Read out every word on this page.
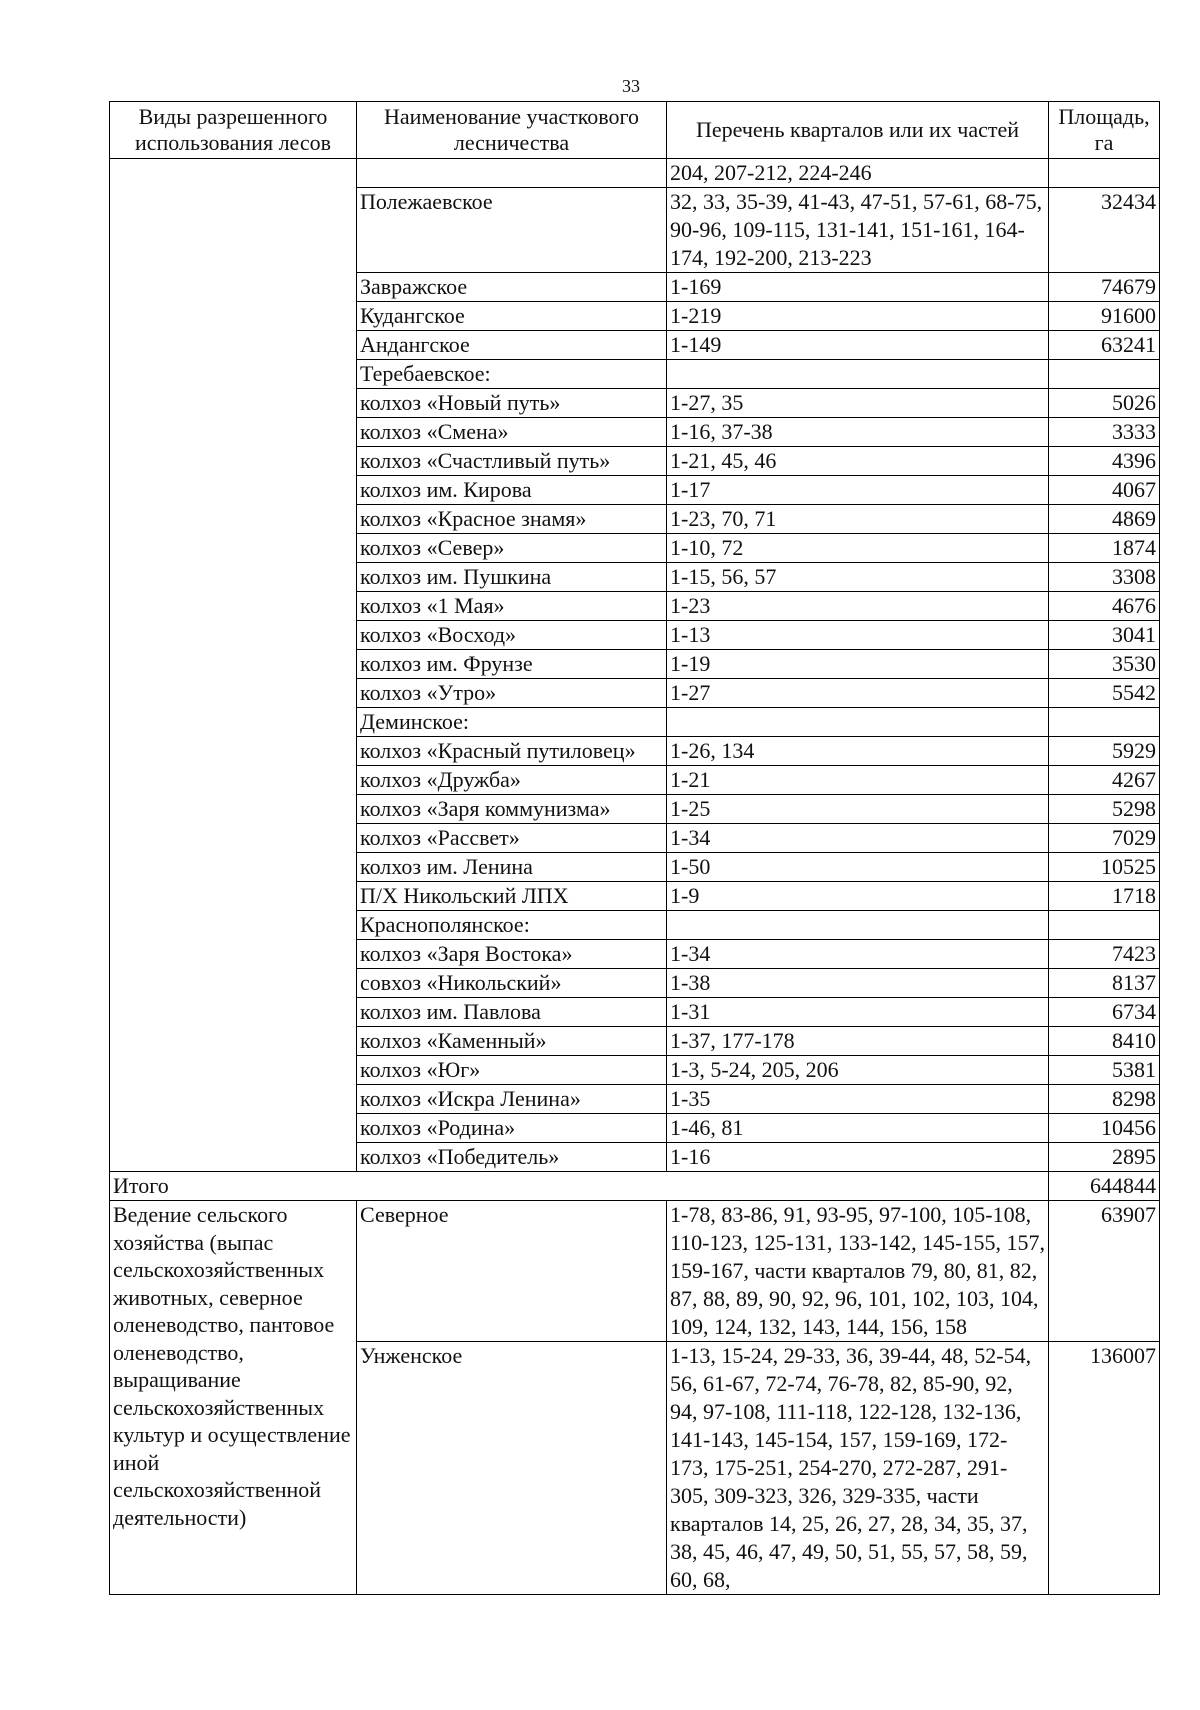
33
Виды разрешенного использования лесов	Наименование участкового лесничества	Перечень кварталов или их частей	Площадь, га
		204, 207-212, 224-246	
	Полежаевское	32, 33, 35-39, 41-43, 47-51, 57-61, 68-75, 90-96, 109-115, 131-141, 151-161, 164-174, 192-200, 213-223	32434
	Завражское	1-169	74679
	Кудангское	1-219	91600
	Андангское	1-149	63241
	Теребаевское:		
	колхоз «Новый путь»	1-27, 35	5026
	колхоз «Смена»	1-16, 37-38	3333
	колхоз «Счастливый путь»	1-21, 45, 46	4396
	колхоз им. Кирова	1-17	4067
	колхоз «Красное знамя»	1-23, 70, 71	4869
	колхоз «Север»	1-10, 72	1874
	колхоз им. Пушкина	1-15, 56, 57	3308
	колхоз «1 Мая»	1-23	4676
	колхоз «Восход»	1-13	3041
	колхоз им. Фрунзе	1-19	3530
	колхоз «Утро»	1-27	5542
	Деминское:		
	колхоз «Красный путиловец»	1-26, 134	5929
	колхоз «Дружба»	1-21	4267
	колхоз «Заря коммунизма»	1-25	5298
	колхоз «Рассвет»	1-34	7029
	колхоз им. Ленина	1-50	10525
	П/Х Никольский ЛПХ	1-9	1718
	Краснополянское:		
	колхоз «Заря Востока»	1-34	7423
	совхоз «Никольский»	1-38	8137
	колхоз им. Павлова	1-31	6734
	колхоз «Каменный»	1-37, 177-178	8410
	колхоз «Юг»	1-3, 5-24, 205, 206	5381
	колхоз «Искра Ленина»	1-35	8298
	колхоз «Родина»	1-46, 81	10456
	колхоз «Победитель»	1-16	2895
Итого			644844
Ведение сельского хозяйства (выпас сельскохозяйственных животных, северное оленеводство, пантовое оленеводство, выращивание сельскохозяйственных культур и осуществление иной сельскохозяйственной деятельности)	Северное	1-78, 83-86, 91, 93-95, 97-100, 105-108, 110-123, 125-131, 133-142, 145-155, 157, 159-167, части кварталов 79, 80, 81, 82, 87, 88, 89, 90, 92, 96, 101, 102, 103, 104, 109, 124, 132, 143, 144, 156, 158	63907
	Унженское	1-13, 15-24, 29-33, 36, 39-44, 48, 52-54, 56, 61-67, 72-74, 76-78, 82, 85-90, 92, 94, 97-108, 111-118, 122-128, 132-136, 141-143, 145-154, 157, 159-169, 172-173, 175-251, 254-270, 272-287, 291-305, 309-323, 326, 329-335, части кварталов 14, 25, 26, 27, 28, 34, 35, 37, 38, 45, 46, 47, 49, 50, 51, 55, 57, 58, 59, 60, 68,	136007
